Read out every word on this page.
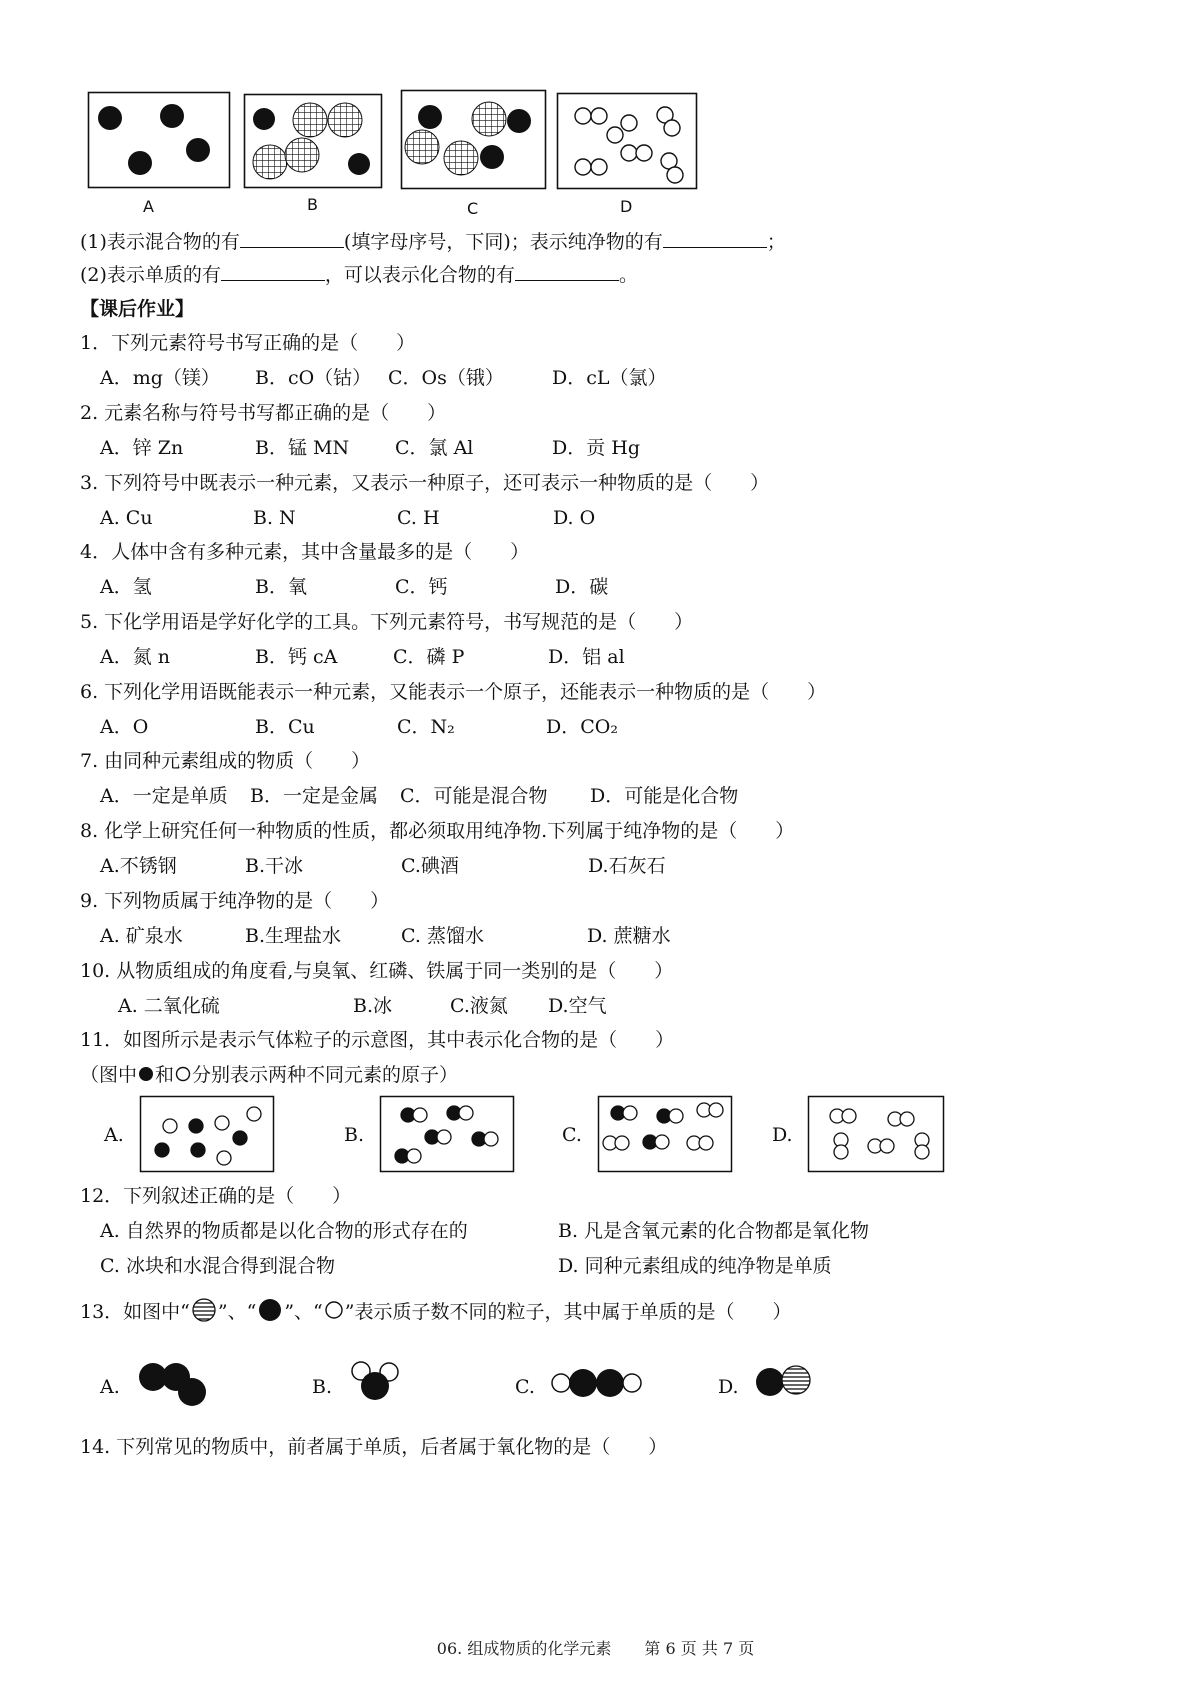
A	B	C	D
(1)表示混合物的有	(填字母序号，下同)；表示纯净物的有	；
(2)表示单质的有	，可以表示化合物的有	。
【课后作业】
1．下列元素符号书写正确的是（　　）
A．mg（镁） B．cO（钴） C．Os（锇）	D．cL（氯）
2. 元素名称与符号书写都正确的是（　　）
A．锌 Zn	B．锰 MN C．氯 Al	D．贡 Hg
3. 下列符号中既表示一种元素，又表示一种原子，还可表示一种物质的是（　　）
A. Cu	B. N	C. H	D. O
4．人体中含有多种元素，其中含量最多的是（　　）
A．氢	B．氧	C．钙	D．碳
5. 下化学用语是学好化学的工具。下列元素符号，书写规范的是（　　）
A．氮 n	B．钙 cA	C．磷 P	D．铝 al
6. 下列化学用语既能表示一种元素，又能表示一个原子，还能表示一种物质的是（　　）
A．O	B．Cu	C．N₂	D．CO₂
7. 由同种元素组成的物质（　　）
A．一定是单质 B．一定是金属 C．可能是混合物 D．可能是化合物
8. 化学上研究任何一种物质的性质，都必须取用纯净物.下列属于纯净物的是（　　）
A.不锈钢	B.干冰	C.碘酒	D.石灰石
9. 下列物质属于纯净物的是（　　）
A. 矿泉水	B.生理盐水	C. 蒸馏水	D. 蔗糖水
10. 从物质组成的角度看,与臭氧、红磷、铁属于同一类别的是（　　）
A. 二氧化硫	B.冰	C.液氮 D.空气
11．如图所示是表示气体粒子的示意图，其中表示化合物的是（　　）
（图中 和 分别表示两种不同元素的原子）
A.	B.	C.	D.
12．下列叙述正确的是（　　）
A. 自然界的物质都是以化合物的形式存在的	B. 凡是含氧元素的化合物都是氧化物
C. 冰块和水混合得到混合物	D. 同种元素组成的纯净物是单质
13．如图中“ ”、“ ”、“ ”表示质子数不同的粒子，其中属于单质的是（　　）
A.	B.	C.	D.
14. 下列常见的物质中，前者属于单质，后者属于氧化物的是（　　）
06. 组成物质的化学元素 第 6 页 共 7 页
